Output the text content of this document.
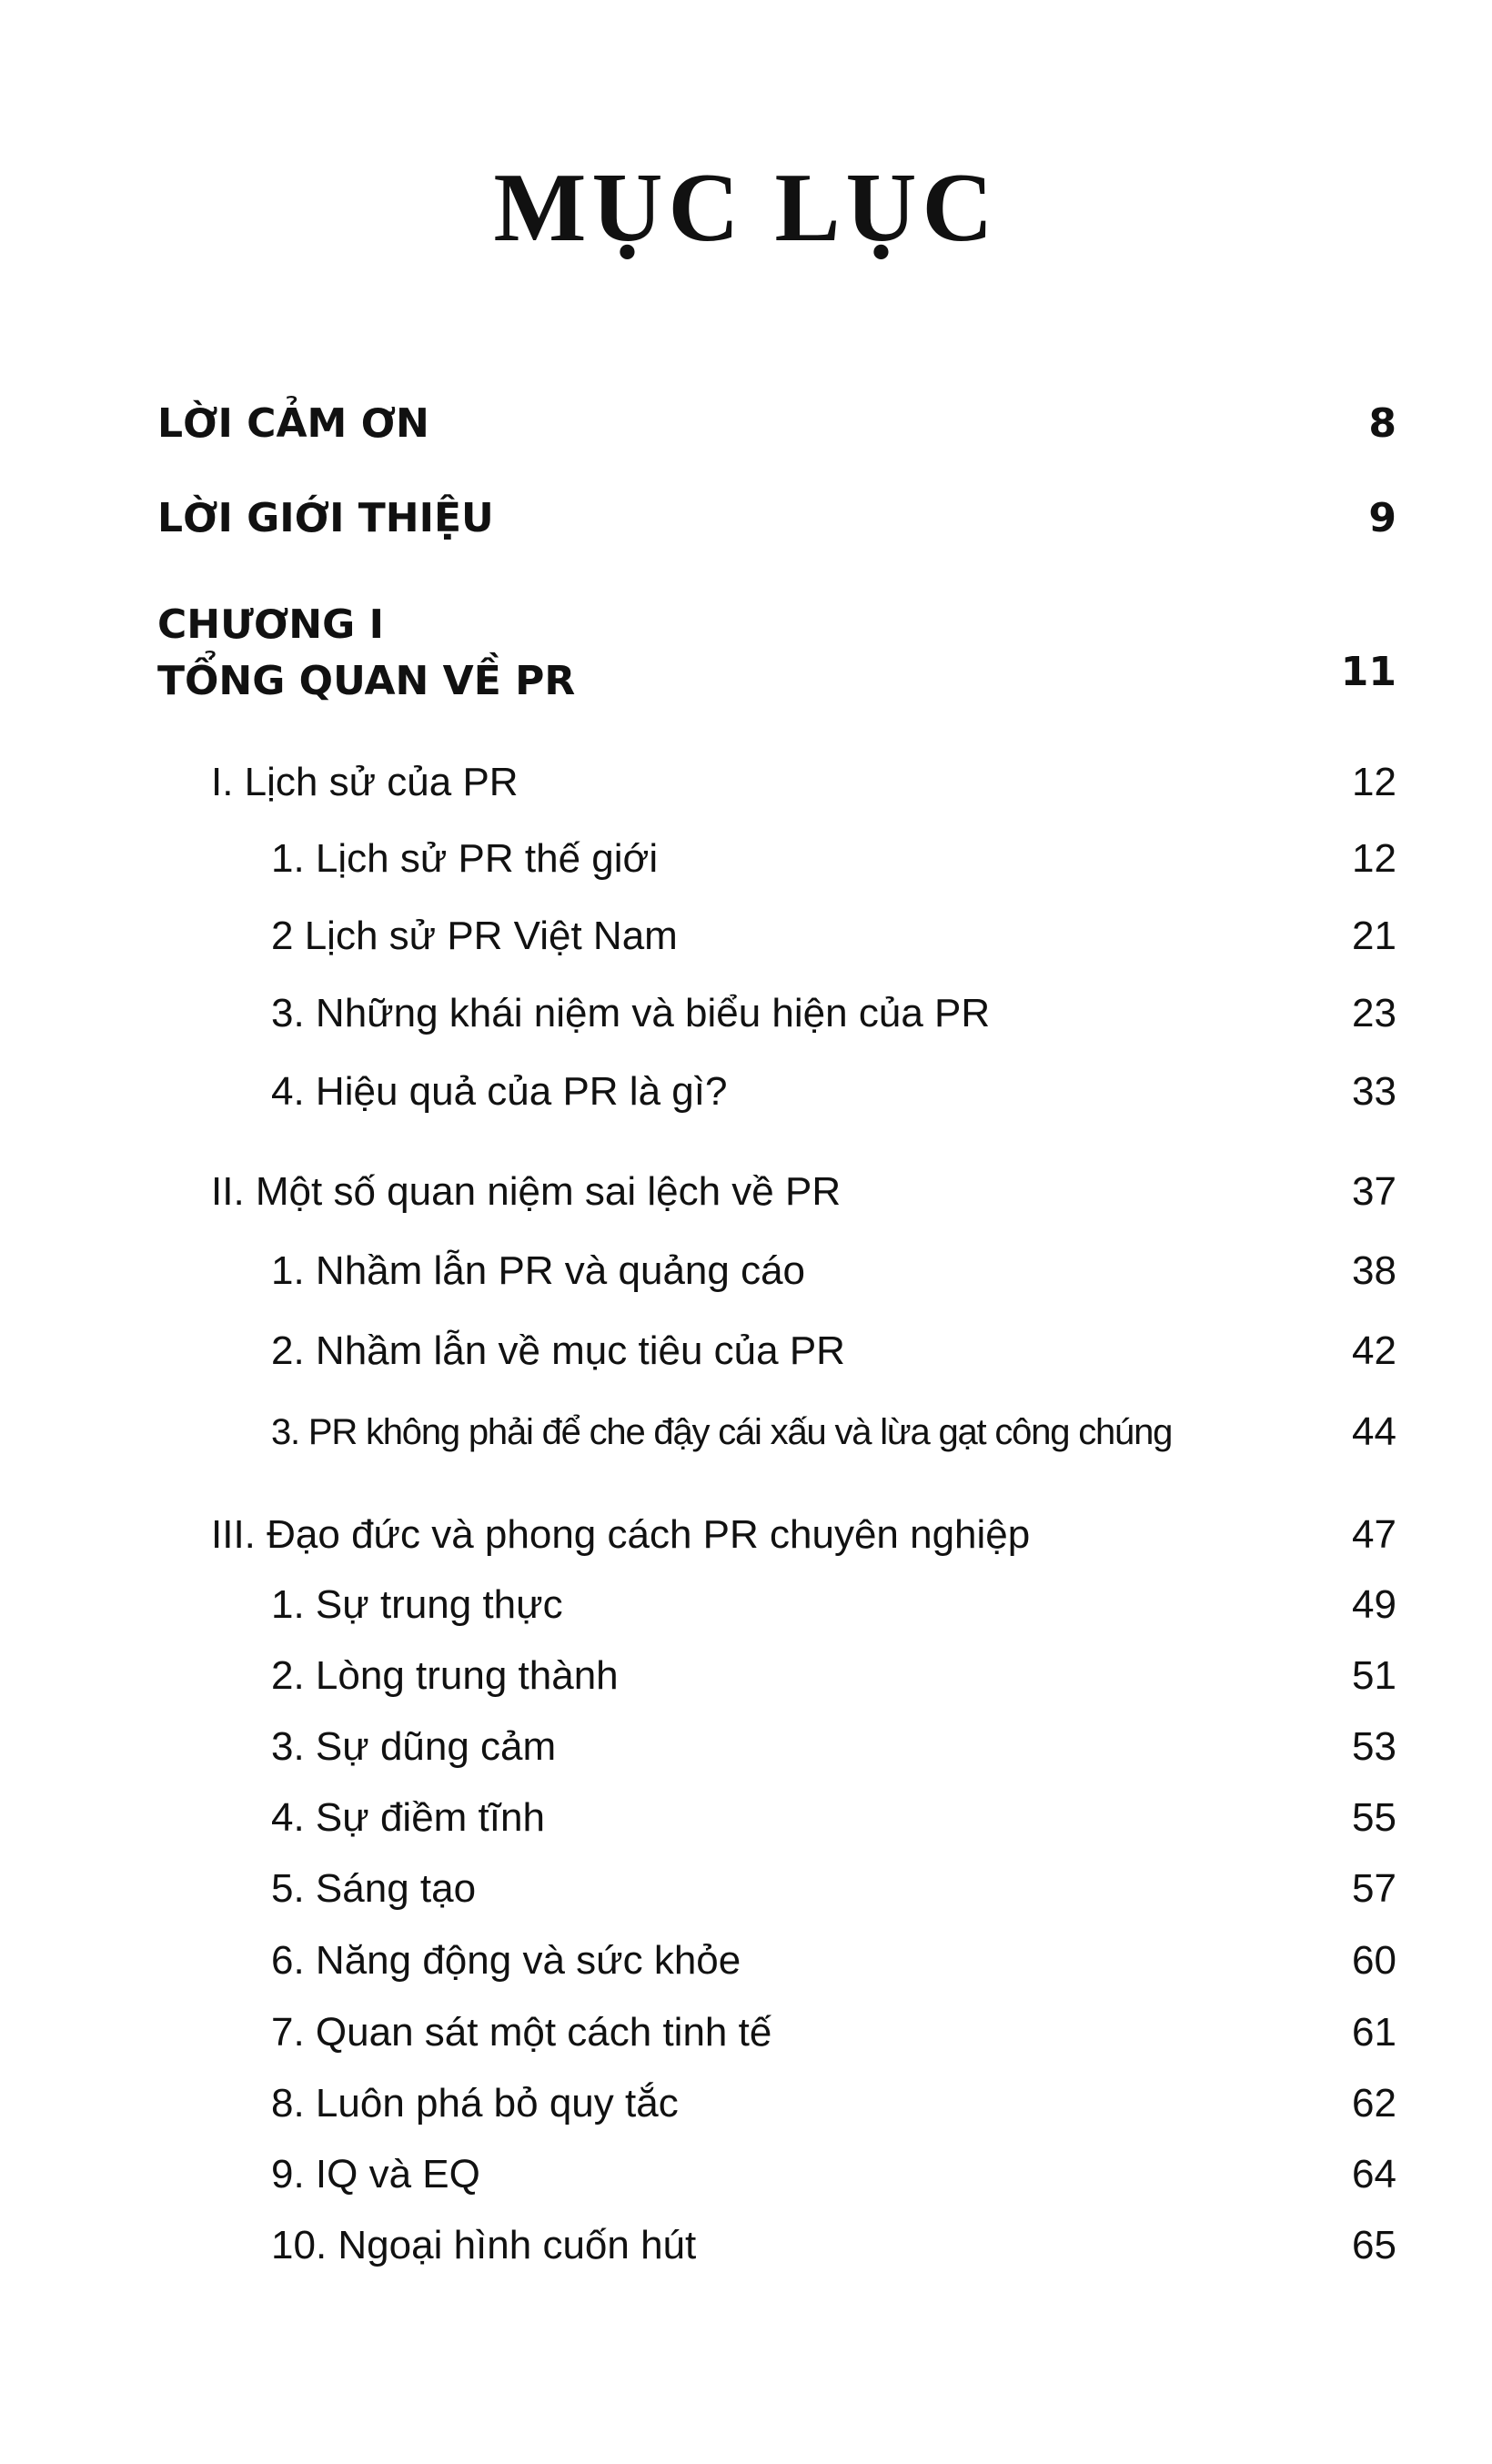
MỤC LỤC
LỜI CẢM ƠN	8
LỜI GIỚI THIỆU	9
CHƯƠNG I
TỔNG QUAN VỀ PR	11
I. Lịch sử của PR	12
1. Lịch sử PR thế giới	12
2 Lịch sử PR Việt Nam	21
3. Những khái niệm và biểu hiện của PR	23
4. Hiệu quả của PR là gì?	33
II. Một số quan niệm sai lệch về PR	37
1. Nhầm lẫn PR và quảng cáo	38
2. Nhầm lẫn về mục tiêu của PR	42
3. PR không phải để che đậy cái xấu và lừa gạt công chúng	44
III. Đạo đức và phong cách PR chuyên nghiệp	47
1. Sự trung thực	49
2. Lòng trung thành	51
3. Sự dũng cảm	53
4. Sự điềm tĩnh	55
5. Sáng tạo	57
6. Năng động và sức khỏe	60
7. Quan sát một cách tinh tế	61
8. Luôn phá bỏ quy tắc	62
9. IQ và EQ	64
10. Ngoại hình cuốn hút	65
